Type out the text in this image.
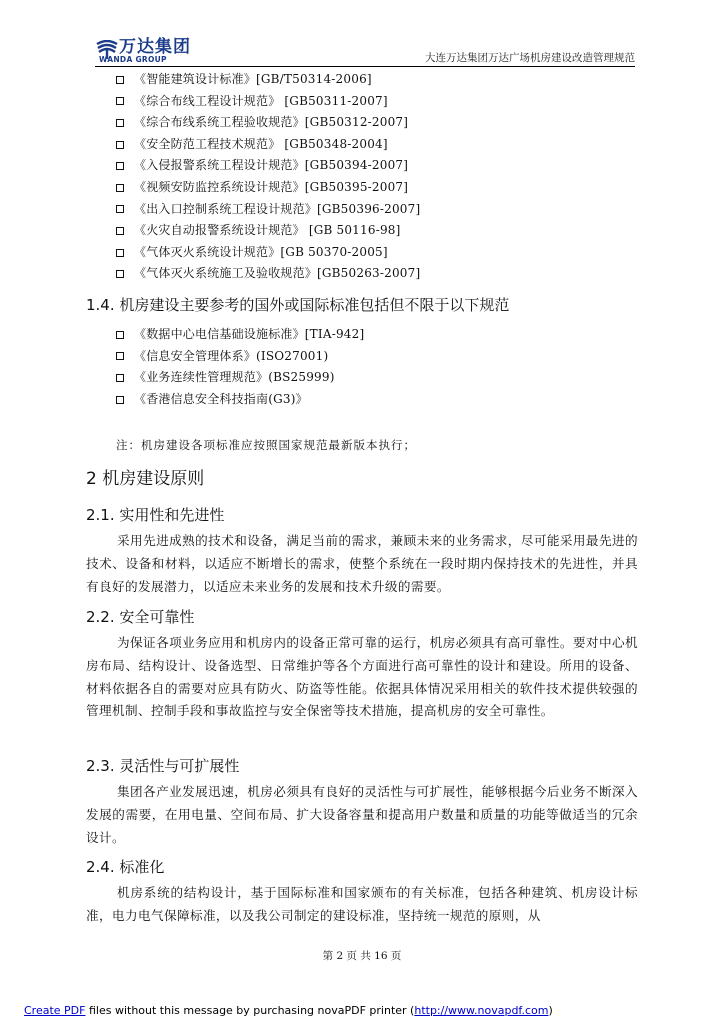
万达集团
WANDA GROUP	大连万达集团万达广场机房建设改造管理规范
《智能建筑设计标准》[GB/T50314-2006]
《综合布线工程设计规范》 [GB50311-2007]
《综合布线系统工程验收规范》[GB50312-2007]
《安全防范工程技术规范》 [GB50348-2004]
《入侵报警系统工程设计规范》[GB50394-2007]
《视频安防监控系统设计规范》[GB50395-2007]
《出入口控制系统工程设计规范》[GB50396-2007]
《火灾自动报警系统设计规范》 [GB 50116-98]
《气体灭火系统设计规范》[GB 50370-2005]
《气体灭火系统施工及验收规范》[GB50263-2007]
1.4. 机房建设主要参考的国外或国际标准包括但不限于以下规范
《数据中心电信基础设施标准》[TIA-942]
《信息安全管理体系》(ISO27001)
《业务连续性管理规范》(BS25999)
《香港信息安全科技指南(G3)》
注：机房建设各项标准应按照国家规范最新版本执行；
2 机房建设原则
2.1. 实用性和先进性
采用先进成熟的技术和设备，满足当前的需求，兼顾未来的业务需求，尽可能采用最先进的技术、设备和材料，以适应不断增长的需求，使整个系统在一段时期内保持技术的先进性，并具有良好的发展潜力，以适应未来业务的发展和技术升级的需要。
2.2. 安全可靠性
为保证各项业务应用和机房内的设备正常可靠的运行，机房必须具有高可靠性。要对中心机房布局、结构设计、设备选型、日常维护等各个方面进行高可靠性的设计和建设。所用的设备、材料依据各自的需要对应具有防火、防盗等性能。依据具体情况采用相关的软件技术提供较强的管理机制、控制手段和事故监控与安全保密等技术措施，提高机房的安全可靠性。
2.3. 灵活性与可扩展性
集团各产业发展迅速，机房必须具有良好的灵活性与可扩展性，能够根据今后业务不断深入发展的需要，在用电量、空间布局、扩大设备容量和提高用户数量和质量的功能等做适当的冗余设计。
2.4. 标准化
机房系统的结构设计，基于国际标准和国家颁布的有关标准，包括各种建筑、机房设计标准，电力电气保障标准，以及我公司制定的建设标准，坚持统一规范的原则，从
第 2 页 共 16 页
Create PDF files without this message by purchasing novaPDF printer (http://www.novapdf.com)
